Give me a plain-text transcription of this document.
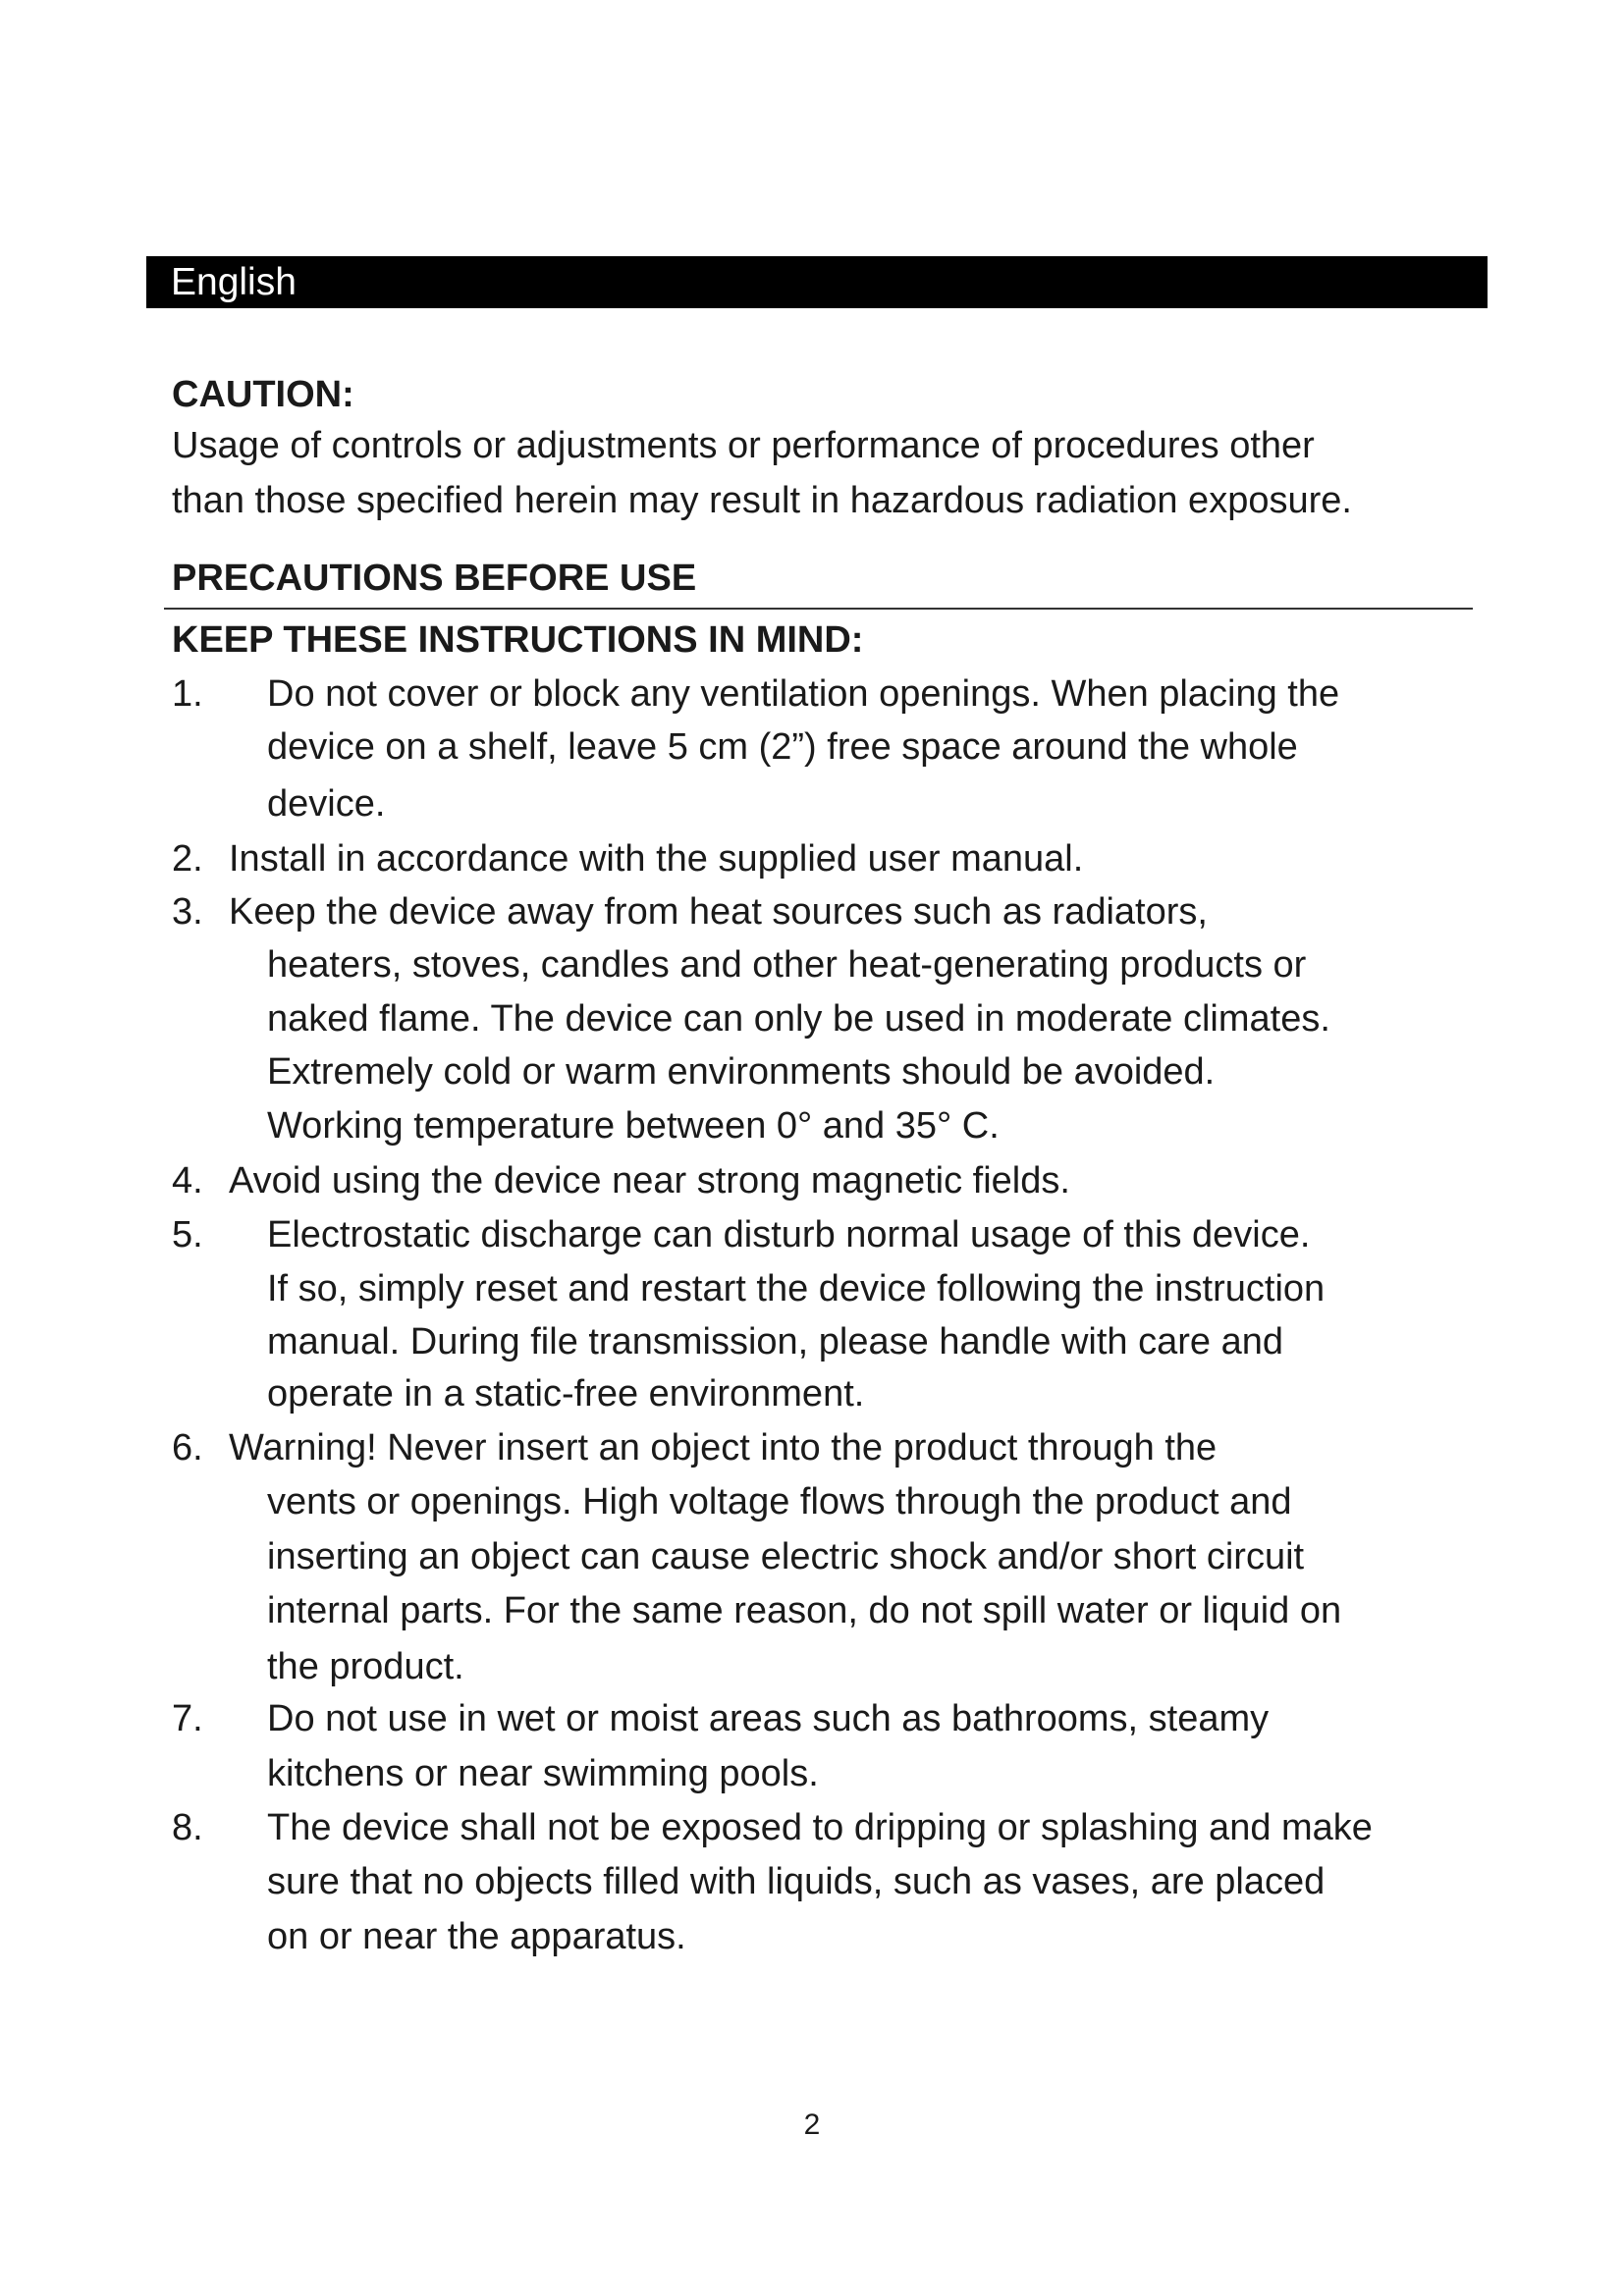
English
CAUTION:
Usage of controls or adjustments or performance of procedures other
than those specified herein may result in hazardous radiation exposure.
PRECAUTIONS BEFORE USE
KEEP THESE INSTRUCTIONS IN MIND:
1. Do not cover or block any ventilation openings. When placing the
device on a shelf, leave 5 cm (2”) free space around the whole
device.
2. Install in accordance with the supplied user manual.
3. Keep the device away from heat sources such as radiators,
heaters, stoves, candles and other heat-generating products or
naked flame. The device can only be used in moderate climates.
Extremely cold or warm environments should be avoided.
Working temperature between 0° and 35° C.
4. Avoid using the device near strong magnetic fields.
5. Electrostatic discharge can disturb normal usage of this device.
If so, simply reset and restart the device following the instruction
manual. During file transmission, please handle with care and
operate in a static-free environment.
6. Warning! Never insert an object into the product through the
vents or openings. High voltage flows through the product and
inserting an object can cause electric shock and/or short circuit
internal parts. For the same reason, do not spill water or liquid on
the product.
7. Do not use in wet or moist areas such as bathrooms, steamy
kitchens or near swimming pools.
8. The device shall not be exposed to dripping or splashing and make
sure that no objects filled with liquids, such as vases, are placed
on or near the apparatus.
2
